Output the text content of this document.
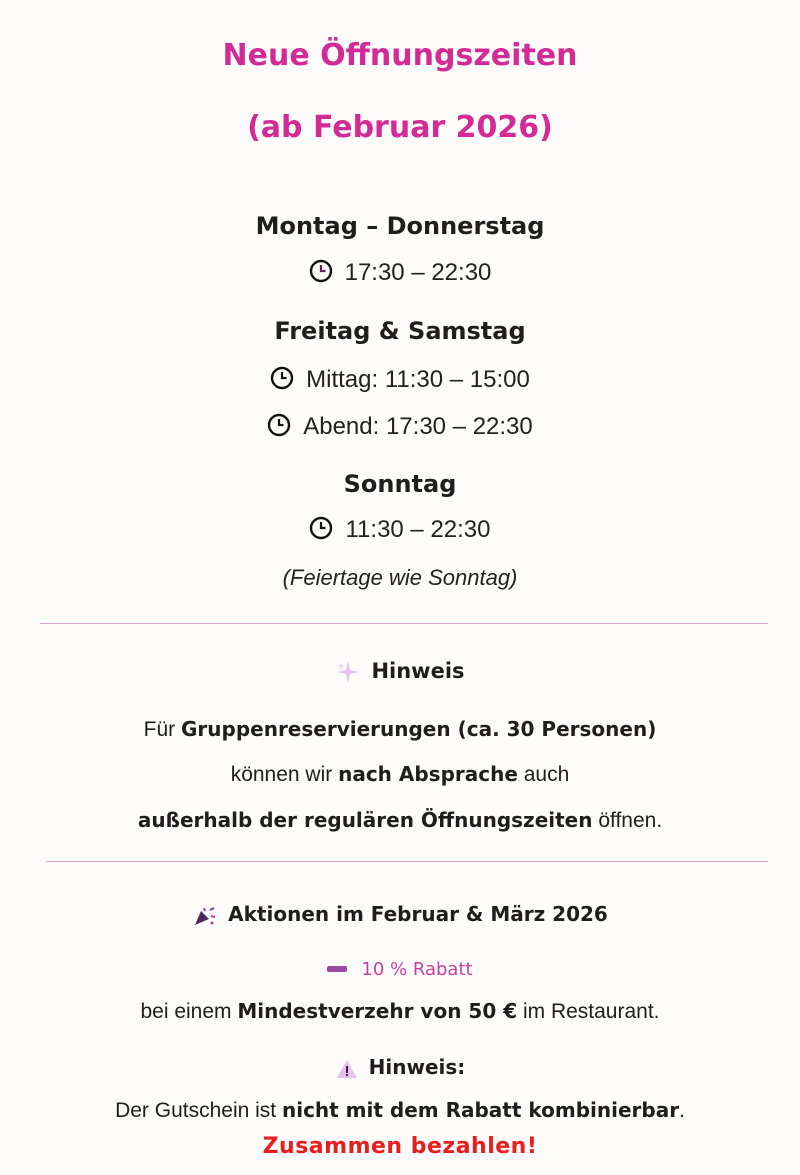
Neue Öffnungszeiten
(ab Februar 2026)
Montag – Donnerstag
17:30 – 22:30
Freitag & Samstag
Mittag: 11:30 – 15:00
Abend: 17:30 – 22:30
Sonntag
11:30 – 22:30
(Feiertage wie Sonntag)
Hinweis
Für Gruppenreservierungen (ca. 30 Personen)
können wir nach Absprache auch
außerhalb der regulären Öffnungszeiten öffnen.
Aktionen im Februar & März 2026
10 % Rabatt
bei einem Mindestverzehr von 50 € im Restaurant.
Hinweis:
Der Gutschein ist nicht mit dem Rabatt kombinierbar.
Zusammen bezahlen!
